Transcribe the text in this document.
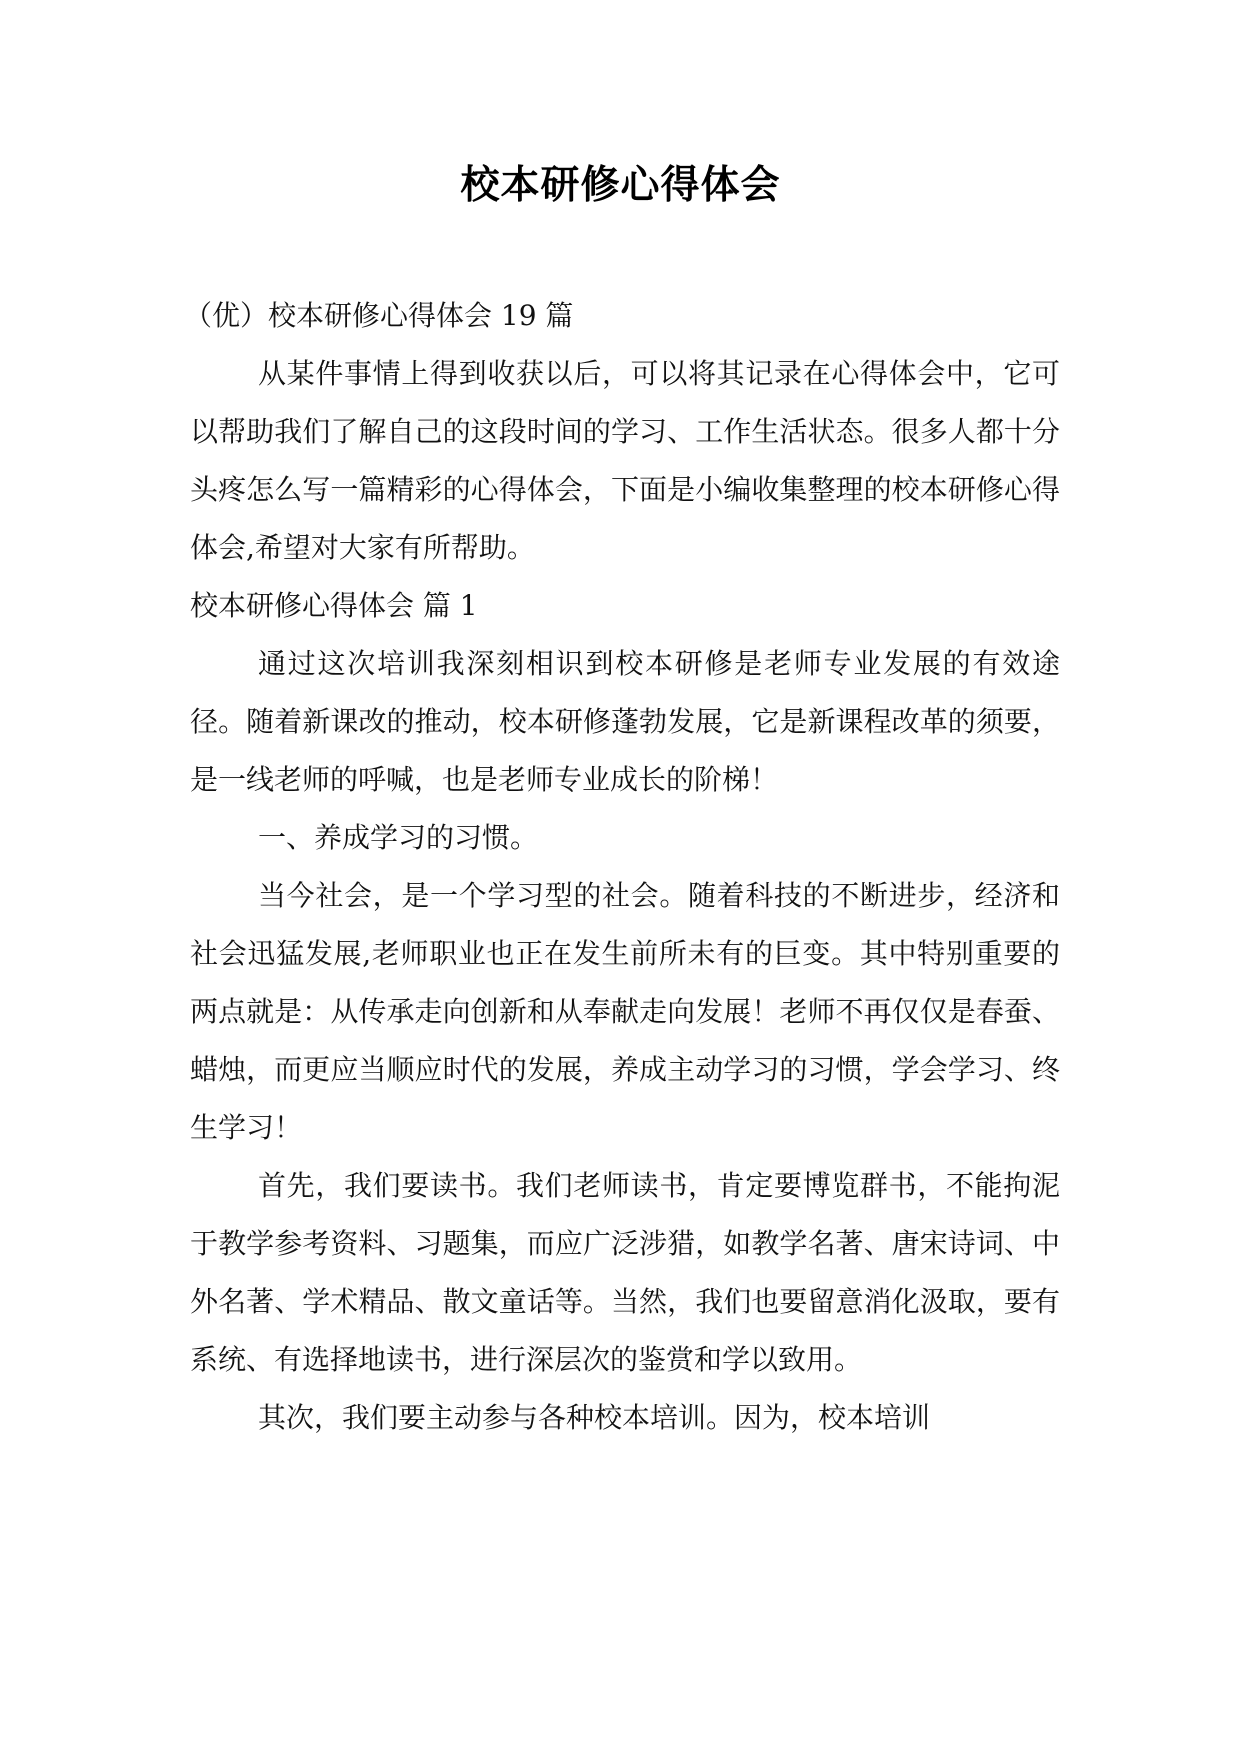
校本研修心得体会

（优）校本研修心得体会 19 篇

从某件事情上得到收获以后，可以将其记录在心得体会中，它可以帮助我们了解自己的这段时间的学习、工作生活状态。很多人都十分头疼怎么写一篇精彩的心得体会，下面是小编收集整理的校本研修心得体会,希望对大家有所帮助。

校本研修心得体会 篇 1

通过这次培训我深刻相识到校本研修是老师专业发展的有效途径。随着新课改的推动，校本研修蓬勃发展，它是新课程改革的须要，是一线老师的呼喊，也是老师专业成长的阶梯！

一、养成学习的习惯。

当今社会，是一个学习型的社会。随着科技的不断进步，经济和社会迅猛发展,老师职业也正在发生前所未有的巨变。其中特别重要的两点就是：从传承走向创新和从奉献走向发展！老师不再仅仅是春蚕、蜡烛，而更应当顺应时代的发展，养成主动学习的习惯，学会学习、终生学习！

首先，我们要读书。我们老师读书，肯定要博览群书，不能拘泥于教学参考资料、习题集，而应广泛涉猎，如教学名著、唐宋诗词、中外名著、学术精品、散文童话等。当然，我们也要留意消化汲取，要有系统、有选择地读书，进行深层次的鉴赏和学以致用。

其次，我们要主动参与各种校本培训。因为，校本培训
